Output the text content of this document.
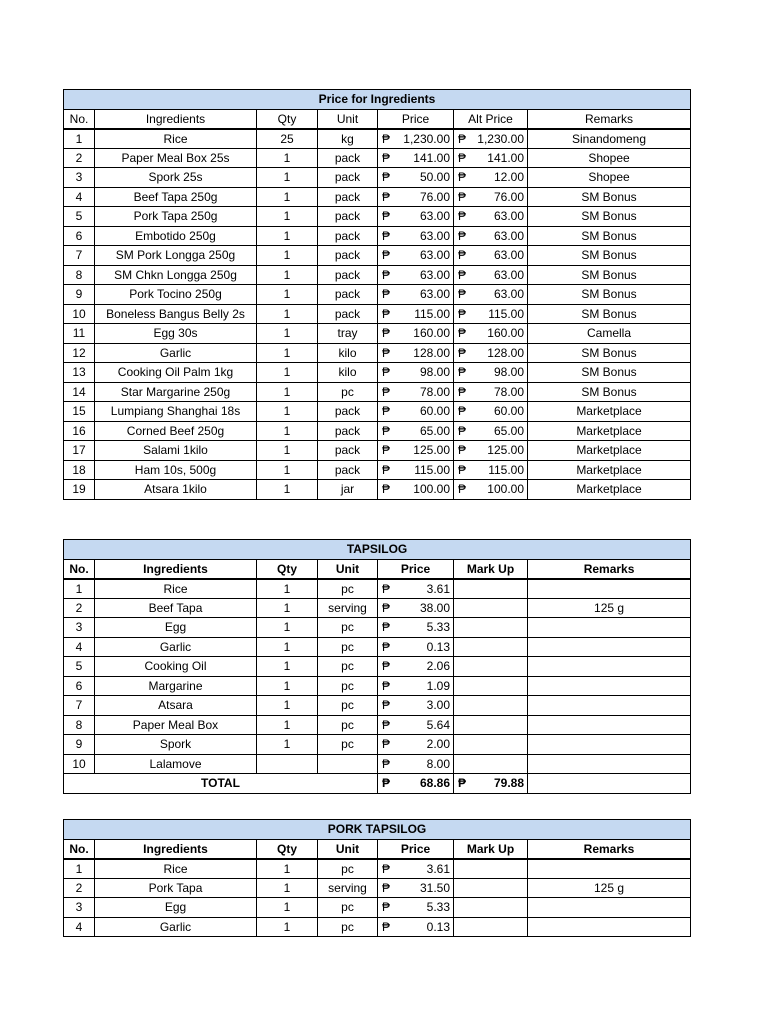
Price for Ingredients						
No.	Ingredients	Qty	Unit	Price	Alt Price	Remarks
1	Rice	25	kg	₱ 1,230.00	₱ 1,230.00	Sinandomeng
2	Paper Meal Box 25s	1	pack	₱ 141.00	₱ 141.00	Shopee
3	Spork 25s	1	pack	₱ 50.00	₱ 12.00	Shopee
4	Beef Tapa 250g	1	pack	₱ 76.00	₱ 76.00	SM Bonus
5	Pork Tapa 250g	1	pack	₱ 63.00	₱ 63.00	SM Bonus
6	Embotido 250g	1	pack	₱ 63.00	₱ 63.00	SM Bonus
7	SM Pork Longga 250g	1	pack	₱ 63.00	₱ 63.00	SM Bonus
8	SM Chkn Longga 250g	1	pack	₱ 63.00	₱ 63.00	SM Bonus
9	Pork Tocino 250g	1	pack	₱ 63.00	₱ 63.00	SM Bonus
10	Boneless Bangus Belly 2s	1	pack	₱ 115.00	₱ 115.00	SM Bonus
11	Egg 30s	1	tray	₱ 160.00	₱ 160.00	Camella
12	Garlic	1	kilo	₱ 128.00	₱ 128.00	SM Bonus
13	Cooking Oil Palm 1kg	1	kilo	₱ 98.00	₱ 98.00	SM Bonus
14	Star Margarine 250g	1	pc	₱ 78.00	₱ 78.00	SM Bonus
15	Lumpiang Shanghai 18s	1	pack	₱ 60.00	₱ 60.00	Marketplace
16	Corned Beef 250g	1	pack	₱ 65.00	₱ 65.00	Marketplace
17	Salami 1kilo	1	pack	₱ 125.00	₱ 125.00	Marketplace
18	Ham 10s, 500g	1	pack	₱ 115.00	₱ 115.00	Marketplace
19	Atsara 1kilo	1	jar	₱ 100.00	₱ 100.00	Marketplace
TAPSILOG						
No.	Ingredients	Qty	Unit	Price	Mark Up	Remarks
1	Rice	1	pc	₱ 3.61		

2	Beef Tapa	1	serving	₱ 38.00		125 g
3	Egg	1	pc	₱ 5.33		

4	Garlic	1	pc	₱ 0.13		

5	Cooking Oil	1	pc	₱ 2.06		

6	Margarine	1	pc	₱ 1.09		

7	Atsara	1	pc	₱ 3.00		

8	Paper Meal Box	1	pc	₱ 5.64		

9	Spork	1	pc	₱ 2.00		

10	Lalamove			₱ 8.00		

TOTAL				₱ 68.86	₱ 79.88	

PORK TAPSILOG						
No.	Ingredients	Qty	Unit	Price	Mark Up	Remarks
1	Rice	1	pc	₱ 3.61		

2	Pork Tapa	1	serving	₱ 31.50		125 g
3	Egg	1	pc	₱ 5.33		

4	Garlic	1	pc	₱ 0.13		
